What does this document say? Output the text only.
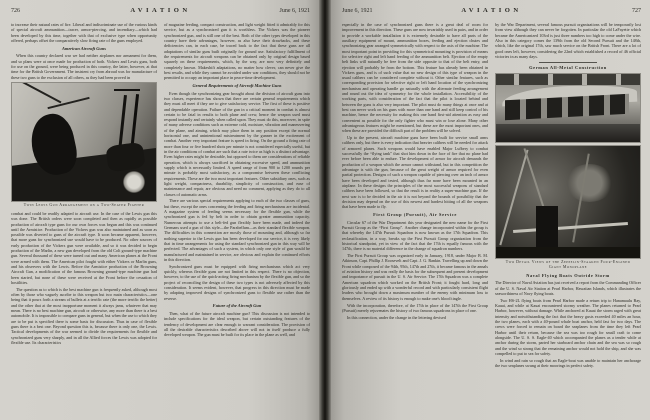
726	AVIATION	June 6, 1921

to increase their natural rates of fire. Liberal and indiscriminate use of the various kinds of special aircraft ammunition—tracer, armor-piercing, and incendiary—which had been developed by this time, together with that of exclusive type when opportunity offered, perhaps offset the comparatively slow firing rate of the guns employed.

American Aircraft Guns

When this country declared war we had neither airplanes nor armament for them, and so plans were at once made for production of both. Vickers and Lewis guns, both for use on the ground, were being produced in this country, the latter, however, at that time for the British Government. The insistent cry from abroad was for manufacture of these two guns to the exclusion of all others, as they had been proved in

Twin Lewis Gun Arrangement on a Two-Seater Fighter

combat and could be readily adapted to aircraft use. In the case of the Lewis gun this was done. The British orders were soon completed and then as rapidly as possible production of aircraft type guns for our own forces was begun and this was continued until the Armistice. Production of the Vickers gun was also maintained and as soon as possible was diverted to guns of the aircraft type. It soon became apparent, however, that more guns for synchronized use would have to be produced. No other sources of early production of the Vickers gun were available, and so it was decided to begin production of the Marlin, a new gun developed from the old Colt ground-type machine gun. Several thousand of these were turned out and many American planes at the Front were armed with them. The American pilot fought with either Vickers or Marlin guns, and his observers with the Lewis. Before the Armistice production of the Browning Aircraft Gun, a modification of the famous Browning ground-type machine gun had been started, but none of these were received at the Front before the cessation of hostilities.

The question as to which is the best machine gun is frequently asked, although most often by those who vaguely ascribe to this weapon but two main characteristics—one being that it pours forth a stream of bullets at a terrific rate (the more terrific the better) and the other that at the most inopportune moment it always jams, whatever that may mean. There is no best machine gun, aircraft or otherwise, any more than there is a best automobile. It is impossible to compare guns in general, but when the use to which they are to be put is specified there is some basis for discussion. Thus in case of flexible guns there is a best one. Beyond question this is, because there is only one, the Lewis. Tactical developments of the war seemed to divide the requirements for flexible and synchronized guns very sharply, and in all the Allied forces the Lewis was adopted for flexible use. Its characteristics

of magazine feeding, compact construction, and light weight fitted it admirably for this service, but as a synchronized gun it is worthless. The Vickers was the pioneer synchronized gun, and is still one of the best. Both of the other types developed in this country have their advantages, however, as also have their drawbacks, and these deficiencies can, in each case, be traced back to the fact that these guns are all adaptations of similar guns built originally for ground use. Satisfactory fulfillment of the requirements for aircraft weapons can be obtained only by original design based squarely on these requirements, which, by the way, are now very definitely and completely known. Makeshift adaptations, no matter how clever, can never give the best results, and while they cannot be avoided under war conditions, they should not be permitted to occupy an important place in peace-time development.

General Requirements of Aircraft Machine Guns

Even though the synchronizing gear brought about the division of aircraft guns into two classes, experience has shown that there are certain general requirements which they must all meet if they are to give satisfactory service. The first of these is positive and dependable operation. Failure of the gun in a critical moment in combat is almost certain to be fatal in results to both plane and crew, hence the weapon used must respond instantly and certainly when called upon. They must do this, moreover, in spite of many adverse conditions such as extreme cold, moisture, vibration and maneuvering of the plane, and aiming, which may place them in any position except the normal horizontal one, and unintentional mistreatment by the gunner in the excitement of combat. Another very important feature is speed in firing. On the ground a firing rate of more than four or five hundred shots per minute is not considered especially useful, but in the air conditions of combat are such that a rate twice as high is a distinct advantage. Even higher rates might be desirable, but opposed to them are considerations of reliable operation, which is always sacrificed in obtaining excessive speed, and ammunition supply which is necessarily limited. A speed range of from 900 to 1200 rounds per minute is probably most satisfactory, as a compromise between these conflicting requirements. These are the two most important features. Other subsidiary ones, such as light weight, compactness, durability, simplicity of construction, and ease of maintenance and repair, are obvious and need no comment, applying as they do to all classes of automatic arms.

There are various special requirements applying to each of the two classes of guns, but these, except the ones concerning the feeding and firing mechanisms are incidental. A magazine system of feeding seems necessary for the flexible gun, while the synchronized gun is fed by belt in order to obtain greater ammunition capacity. Numerous attempts to use a belt-fed gun flexibly have been made, and indeed the Germans used a gun of this style—the Parabellum—as their standard flexible weapon. The difficulties in this connection are mostly those of mounting and, although so far nothing superior to the Lewis gun has been developed for our service, it is very likely that in time arrangements for using the standard synchronized gun in this way will be perfected. The advantages of such a system, in which only one style of gun would be manufactured and maintained in service, are obvious and explain the continued efforts in this direction.

Synchronized guns must be equipped with firing mechanisms which act very quickly, whereas flexible guns are not limited in this respect. There is no objection, however, to the use of the quick-acting firing mechanism by the flexible gun, and so the project of reconciling the design of these two types is not adversely affected by this consideration. It seems evident, however, that progress in this direction must be made by adapting improved designs of synchronized guns to flexible use rather than the reverse.

Future of the Aircraft Gun

Then, what of the future aircraft machine gun? This discussion is not intended to include specifications for the ideal weapon, but certain outstanding features of the tendency of development are clear enough to warrant consideration. The provision of all the desirable characteristics described above will not in itself produce a fully developed weapon. The gun must be built for its place in the plane as well, and

June 6, 1921	AVIATION	727

especially in the case of synchronized guns there is a great deal of room for improvement in this direction. These guns are now invariably used in pairs, and in order to provide a workable installation it is extremely desirable to have all parts of the auxiliary equipment of mount, ammunition boxes, feeding and ejection chutes and synchronizing gear arranged symmetrically with respect to the axis of the machine. The most important point in providing for this symmetrical mounting is provision of means for selective right and left hand feeding of the ammunition belt. Ejection of the empty belt links will naturally be free from the side opposite to that of the belt entry, and ejection will probably be from the bottom. This feature has already been obtained in Vickers guns, and is of such value that no new design of this type of weapon in the usual calibers can be considered complete without it. Other similar features, such as corresponding provision for selective right or left hand location of the synchronizing mechanism and operating handle go naturally with the alternate feeding arrangement and round out the idea of symmetry for the whole installation. Accessibility of the working parts, with consideration of the fact that the pilot is located behind and between the guns is also very important. The pilot must do many things at once and at best can never work on his guns with more than one hand and still keep control of his machine, hence the necessity for making this one hand first-aid attention as easy and convenient as possible for the only fighter who must win or lose alone. Many other advantageous features might be mentioned, but these are the most important ones, and when these are provided the difficult part of the problem will be solved.

Up to the present, aircraft machine guns have been built for service small arms calibers only, but there is every indication that heavier calibers will be needed for attack of armored planes. Such weapons would have enabled Major Lufbery to combat successfully the “flying tank” that shot him down in the face of fire that no plane had ever before been able to endure. The development of armor for aircraft demands the production of a weapon which the armor cannot withstand, but in this competition the advantage is with the gun, because of the great weight of armor required for even partial protection. Designs of such a weapon capable of piercing over an inch of armor have been developed and tested, although thus far none have been mounted in an airplane. In these designs the principles of the most successful weapons of standard calibers have been followed, so that the result is in reality a super-machine gun. If the next war is to be decided in the air it is not beyond the bounds of possibility that the decision may depend on the use of this newest and hardest hitting of all the weapons that have been made to fly.

First Group (Pursuit), Air Service

Circular 67 of the War Department this year designated the new name for the First Pursuit Group as the “First Group”. Another change incorporated within the group is that whereby the 147th Pursuit Squadron is now known as the 17th Squadron. This reclassification, in a way, breaks up the First Pursuit Group organization from the historical standpoint, yet in view of the fact that the 17th is equally famous with the 147th, there is no material difference in the change of squadron numbers.

The First Pursuit Group was organized early in January, 1918, under Major B. M. Atkinson, Capt. Phillip J. Roosevelt and Capt. J. G. Rankin. Travelling up and down the Front while composed of the 94th, 95th, 147th and 27th, it became famous in the annals of aviation history and was really the basis for the subsequent and present development and importance of pursuit in the U. S. Air Service. The 17th Squadron was a complete American squadron which worked on the British Front; it fought hard, long and gloriously and ended up with a wonderful record and with particularly consistent flight leaders who brought down a maximum number of the enemy with minimum loss to themselves. A review of its history is enough to make one's blood tingle.

With the incorporation, therefore, of the 17th in place of the 147th the First Group (Pursuit) merely rejuvenates the history of two famous squadrons in place of one.

In this connection, under the change in the lettering devised

by the War Department, several famous pursuit organizations will be temporarily lost from view although they can never be forgotten. In particular the old LaFayette which became the Americanized 103rd is just three numbers too high to come under the wire. Also in this category comes the 139th from the old Second Pursuit and the 148th, which, like the original 17th, saw much service on the British Front. There are a lot of good ones left, however, considering the 22nd which established a record of 46 official victories in as many days.

German All-Metal Construction
Two Detail Views of the Zeppelin-Staaken Four-Engined
Giant Monoplane
Naval Flying Boats Outride Storm

The Director of Naval Aviation has just received a report from the Commanding Officer of the U. S. Naval Air Station at Pearl Harbor, Hawaiian Islands, which illustrates the seaworthiness of Navy flying boats.

Two HS-2L flying boats from Pearl Harbor made a return trip to Hanamaulu Bay, Kauai, and while at Kauai encountered stormy weather. The planes returned to Pearl Harbor, however, without damage. While anchored at Kauai the storm raged with great intensity and notwithstanding the fact that the heavy gusts exceeded 40 miles an hour, the two planes, each with a 40-pound whale boat anchor, held fast for two days. The crews were forced to remain on board the seaplanes from the time they left Pearl Harbor until their return, because the sea was too rough for small craft to come alongside. The U. S. S. Eagle-40 which accompanied the planes as a tender while at anchor during the storm, parted her starboard anchor chain and the sea was so rough and the wind so strong that the remaining anchor would not hold the ship, and she was compelled to put to sea for safety.

In wind and rain so rough that an Eagle-boat was unable to maintain her anchorage the two seaplanes swung at their moorings in perfect safety.
